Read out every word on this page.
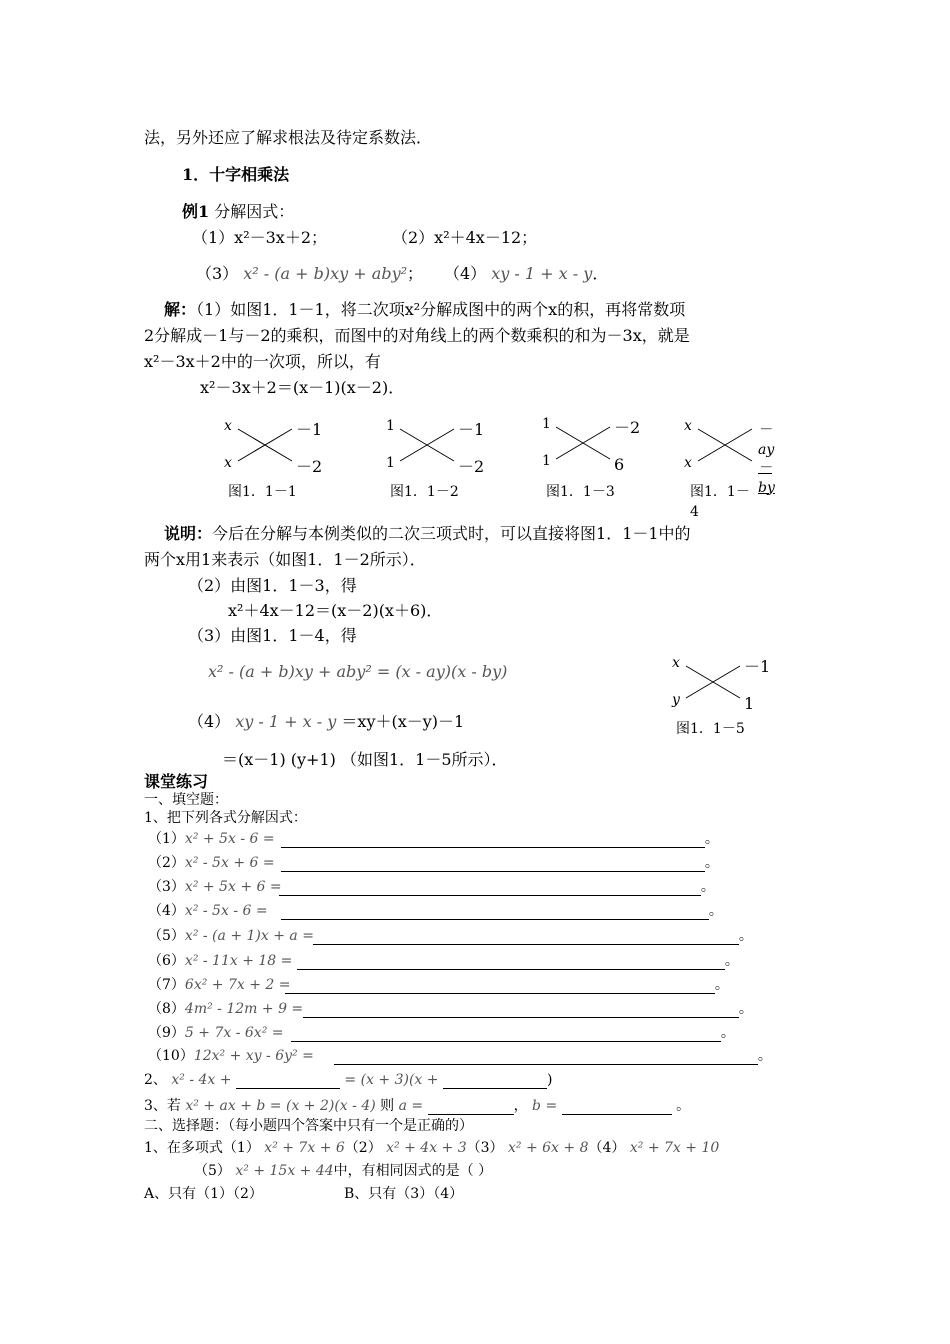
法，另外还应了解求根法及待定系数法．
1．十字相乘法
例1 分解因式：
（1）x²－3x＋2；	（2）x²＋4x－12；
（3） x² - (a + b)xy + aby²； （4） xy - 1 + x - y．
解：（1）如图1．1－1，将二次项x²分解成图中的两个x的积，再将常数项
2分解成－1与－2的乘积，而图中的对角线上的两个数乘积的和为－3x，就是
x²－3x＋2中的一次项，所以，有
x²－3x＋2＝(x－1)(x－2)．
x
x
－1
－2
图1．1－1
1
1
－1
－2
图1．1－2
1
1
－2
6
图1．1－3
x
x
－ay
－by
图1．1－4
说明：今后在分解与本例类似的二次三项式时，可以直接将图1．1－1中的
两个x用1来表示（如图1．1－2所示）．
（2）由图1．1－3，得
x²＋4x－12＝(x－2)(x＋6)．
（3）由图1．1－4，得
x² - (a + b)xy + aby² = (x - ay)(x - by)
（4） xy - 1 + x - y ＝xy＋(x－y)－1
＝(x－1) (y+1) （如图1．1－5所示）．
x
y
－1
1
图1．1－5
课堂练习
一、填空题：
1、把下列各式分解因式：
（1）x² + 5x - 6 =	。
（2）x² - 5x + 6 =	。
（3）x² + 5x + 6 =	。
（4）x² - 5x - 6 =	。
（5）x² - (a + 1)x + a =	。
（6）x² - 11x + 18 =	。
（7）6x² + 7x + 2 =	。
（8）4m² - 12m + 9 =	。
（9）5 + 7x - 6x² =	。
（10）12x² + xy - 6y² =	。
2、 x² - 4x +	= (x + 3)(x +	)
3、若 x² + ax + b = (x + 2)(x - 4) 则 a =	， b =	。
二、选择题：（每小题四个答案中只有一个是正确的）
1、在多项式（1） x² + 7x + 6（2） x² + 4x + 3（3） x² + 6x + 8（4） x² + 7x + 10
（5） x² + 15x + 44中，有相同因式的是（ ）
A、只有（1）（2）	B、只有（3）（4）
